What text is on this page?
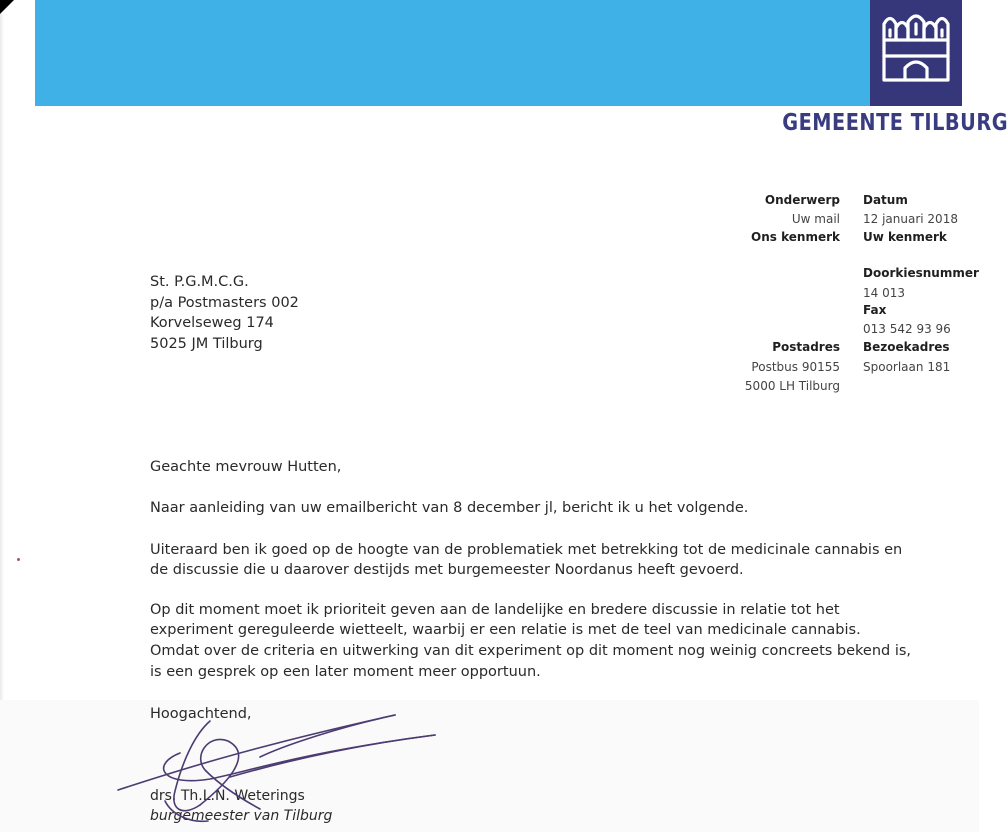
GEMEENTE TILBURG
Onderwerp
Uw mail
Ons kenmerk
Datum
12 januari 2018
Uw kenmerk
Doorkiesnummer
14 013
Fax
013 542 93 96
Postadres
Postbus 90155
5000 LH Tilburg
Bezoekadres
Spoorlaan 181
St. P.G.M.C.G.
p/a Postmasters 002
Korvelseweg 174
5025 JM Tilburg
Geachte mevrouw Hutten,
Naar aanleiding van uw emailbericht van 8 december jl, bericht ik u het volgende.
Uiteraard ben ik goed op de hoogte van de problematiek met betrekking tot de medicinale cannabis en
de discussie die u daarover destijds met burgemeester Noordanus heeft gevoerd.
Op dit moment moet ik prioriteit geven aan de landelijke en bredere discussie in relatie tot het
experiment gereguleerde wietteelt, waarbij er een relatie is met de teel van medicinale cannabis.
Omdat over de criteria en uitwerking van dit experiment op dit moment nog weinig concreets bekend is,
is een gesprek op een later moment meer opportuun.
Hoogachtend,
drs. Th.L.N. Weterings
burgemeester van Tilburg
